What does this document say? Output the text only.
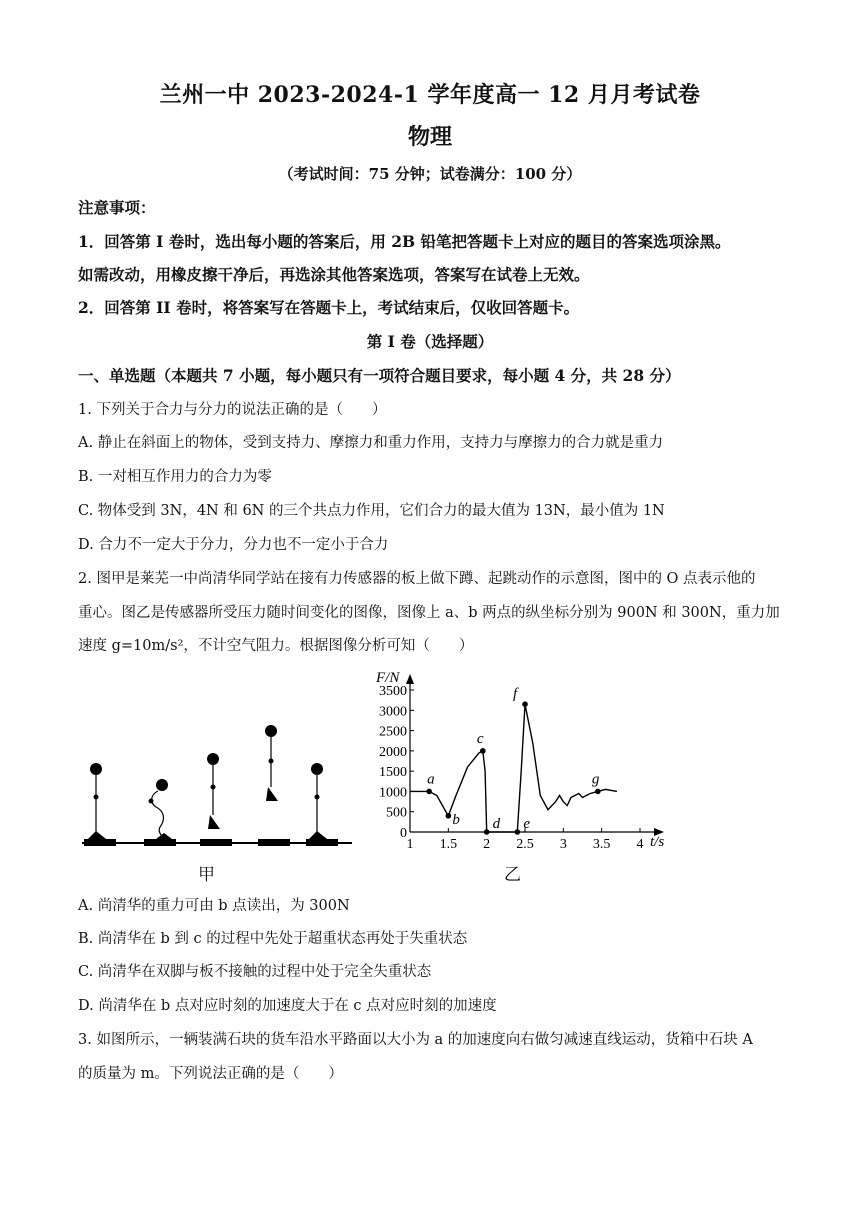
兰州一中 2023-2024-1 学年度高一 12 月月考试卷
物理
（考试时间：75 分钟；试卷满分：100 分）
注意事项：
1．回答第 I 卷时，选出每小题的答案后，用 2B 铅笔把答题卡上对应的题目的答案选项涂黑。
如需改动，用橡皮擦干净后，再选涂其他答案选项，答案写在试卷上无效。
2．回答第 II 卷时，将答案写在答题卡上，考试结束后，仅收回答题卡。
第 I 卷（选择题）
一、单选题（本题共 7 小题，每小题只有一项符合题目要求，每小题 4 分，共 28 分）
1. 下列关于合力与分力的说法正确的是（　　）
A. 静止在斜面上的物体，受到支持力、摩擦力和重力作用，支持力与摩擦力的合力就是重力
B. 一对相互作用力的合力为零
C. 物体受到 3N，4N 和 6N 的三个共点力作用，它们合力的最大值为 13N，最小值为 1N
D. 合力不一定大于分力，分力也不一定小于合力
2. 图甲是莱芜一中尚清华同学站在接有力传感器的板上做下蹲、起跳动作的示意图，图中的 O 点表示他的
重心。图乙是传感器所受压力随时间变化的图像，图像上 a、b 两点的纵坐标分别为 900N 和 300N，重力加
速度 g=10m/s²，不计空气阻力。根据图像分析可知（　　）
甲
0
500
1000
1500
2000
2500
3000
3500
1 1.5 2 2.5 3 3.5 4
a
b
c
d e
f
g
F/N
t/s
乙
A. 尚清华的重力可由 b 点读出，为 300N
B. 尚清华在 b 到 c 的过程中先处于超重状态再处于失重状态
C. 尚清华在双脚与板不接触的过程中处于完全失重状态
D. 尚清华在 b 点对应时刻的加速度大于在 c 点对应时刻的加速度
3. 如图所示，一辆装满石块的货车沿水平路面以大小为 a 的加速度向右做匀减速直线运动，货箱中石块 A
的质量为 m。下列说法正确的是（　　）
